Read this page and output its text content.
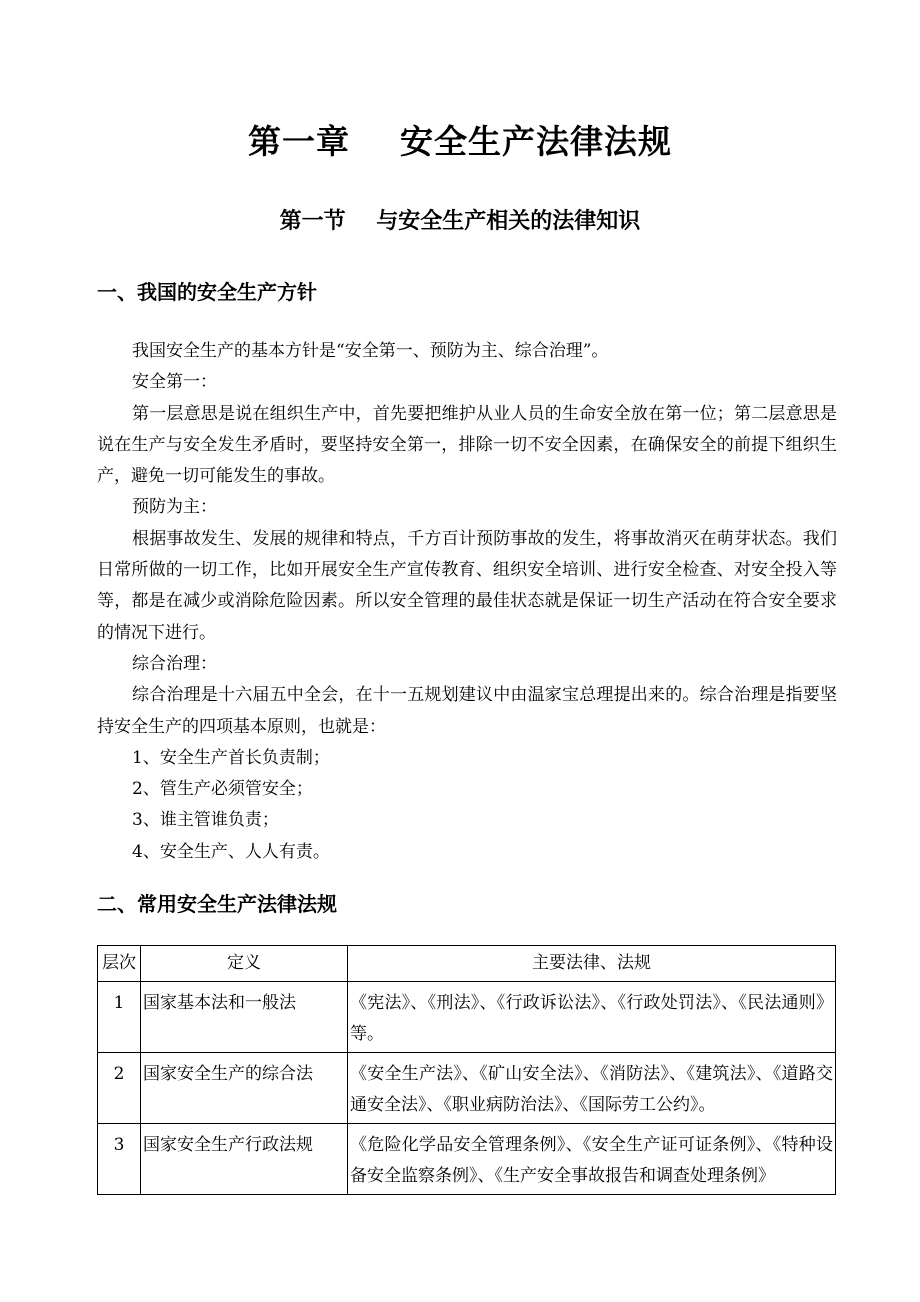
第一章    安全生产法律法规
第一节    与安全生产相关的法律知识
一、我国的安全生产方针

我国安全生产的基本方针是“安全第一、预防为主、综合治理”。

安全第一：

第一层意思是说在组织生产中，首先要把维护从业人员的生命安全放在第一位；第二层意思是说在生产与安全发生矛盾时，要坚持安全第一，排除一切不安全因素，在确保安全的前提下组织生产，避免一切可能发生的事故。

预防为主：

根据事故发生、发展的规律和特点，千方百计预防事故的发生，将事故消灭在萌芽状态。我们日常所做的一切工作，比如开展安全生产宣传教育、组织安全培训、进行安全检查、对安全投入等等，都是在减少或消除危险因素。所以安全管理的最佳状态就是保证一切生产活动在符合安全要求的情况下进行。

综合治理：

综合治理是十六届五中全会，在十一五规划建议中由温家宝总理提出来的。综合治理是指要坚持安全生产的四项基本原则，也就是：

1、安全生产首长负责制；

2、管生产必须管安全；

3、谁主管谁负责；

4、安全生产、人人有责。

二、常用安全生产法律法规
层次	定义	主要法律、法规
1	国家基本法和一般法	《宪法》、《刑法》、《行政诉讼法》、《行政处罚法》、《民法通则》等。
2	国家安全生产的综合法	《安全生产法》、《矿山安全法》、《消防法》、《建筑法》、《道路交通安全法》、《职业病防治法》、《国际劳工公约》。
3	国家安全生产行政法规	《危险化学品安全管理条例》、《安全生产证可证条例》、《特种设备安全监察条例》、《生产安全事故报告和调查处理条例》
